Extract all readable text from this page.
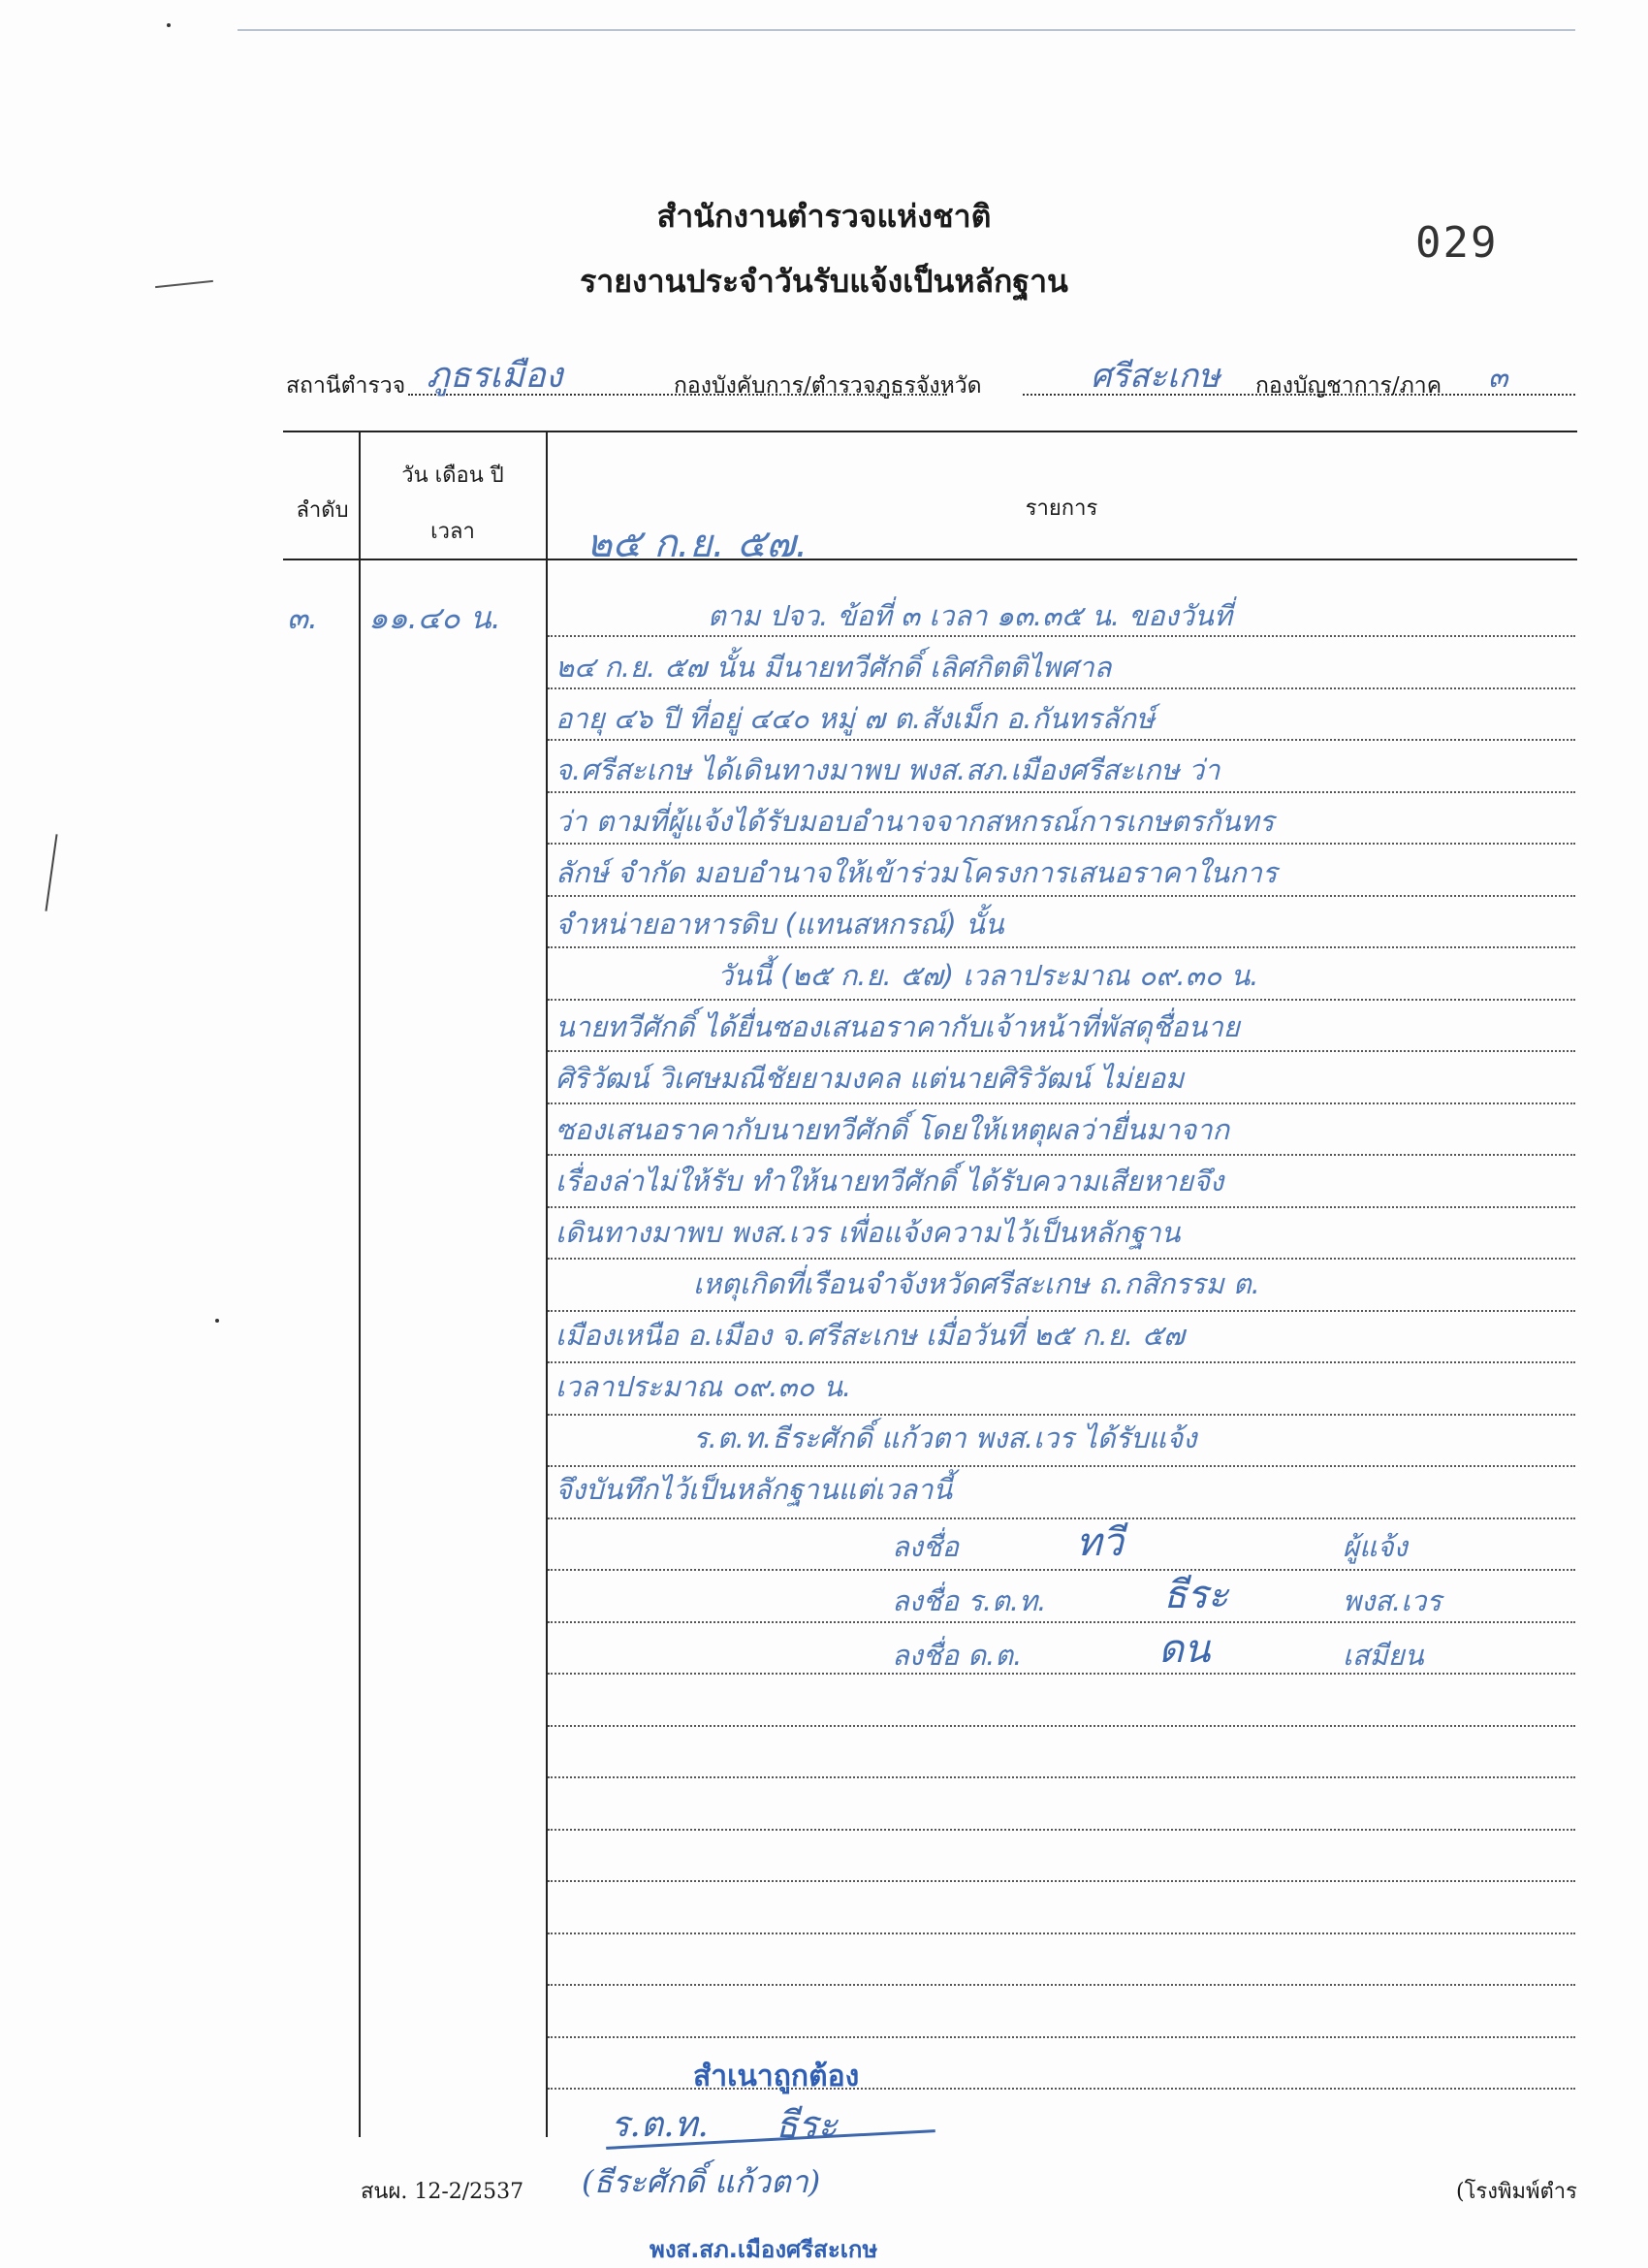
สำนักงานตำรวจแห่งชาติ
รายงานประจำวันรับแจ้งเป็นหลักฐาน
029
สถานีตำรวจ ภูธรเมือง	กองบังคับการ/ตำรวจภูธรจังหวัด	ศรีสะเกษ กองบัญชาการ/ภาค ๓
ลำดับ
วัน เดือน ปี
เวลา
รายการ
๒๕ ก.ย. ๕๗.
๓. ๑๑.๔๐ น.	ตาม ปจว. ข้อที่ ๓ เวลา ๑๓.๓๕ น. ของวันที่
๒๔ ก.ย. ๕๗ นั้น มีนายทวีศักดิ์ เลิศกิตติไพศาล
อายุ ๔๖ ปี ที่อยู่ ๔๔๐ หมู่ ๗ ต.สังเม็ก อ.กันทรลักษ์
จ.ศรีสะเกษ ได้เดินทางมาพบ พงส.สภ.เมืองศรีสะเกษ ว่า
ว่า ตามที่ผู้แจ้งได้รับมอบอำนาจจากสหกรณ์การเกษตรกันทร
ลักษ์ จำกัด มอบอำนาจให้เข้าร่วมโครงการเสนอราคาในการ
จำหน่ายอาหารดิบ (แทนสหกรณ์) นั้น
วันนี้ (๒๕ ก.ย. ๕๗) เวลาประมาณ ๐๙.๓๐ น.
นายทวีศักดิ์ ได้ยื่นซองเสนอราคากับเจ้าหน้าที่พัสดุชื่อนาย
ศิริวัฒน์ วิเศษมณีชัยยามงคล แต่นายศิริวัฒน์ ไม่ยอม
ซองเสนอราคากับนายทวีศักดิ์ โดยให้เหตุผลว่ายื่นมาจาก
เรื่องล่าไม่ให้รับ ทำให้นายทวีศักดิ์ ได้รับความเสียหายจึง
เดินทางมาพบ พงส.เวร เพื่อแจ้งความไว้เป็นหลักฐาน
เหตุเกิดที่เรือนจำจังหวัดศรีสะเกษ ถ.กสิกรรม ต.
เมืองเหนือ อ.เมือง จ.ศรีสะเกษ เมื่อวันที่ ๒๕ ก.ย. ๕๗
เวลาประมาณ ๐๙.๓๐ น.
ร.ต.ท.ธีระศักดิ์ แก้วตา พงส.เวร ได้รับแจ้ง
จึงบันทึกไว้เป็นหลักฐานแต่เวลานี้
ลงชื่อ	ทวี	ผู้แจ้ง
ลงชื่อ ร.ต.ท.	ธีระ	พงส.เวร
ลงชื่อ ด.ต.	ดน	เสมียน
สำเนาถูกต้อง
ร.ต.ท. ธีระ
(ธีระศักดิ์ แก้วตา)
พงส.สภ.เมืองศรีสะเกษ
สนผ. 12-2/2537	(โรงพิมพ์ตำร
